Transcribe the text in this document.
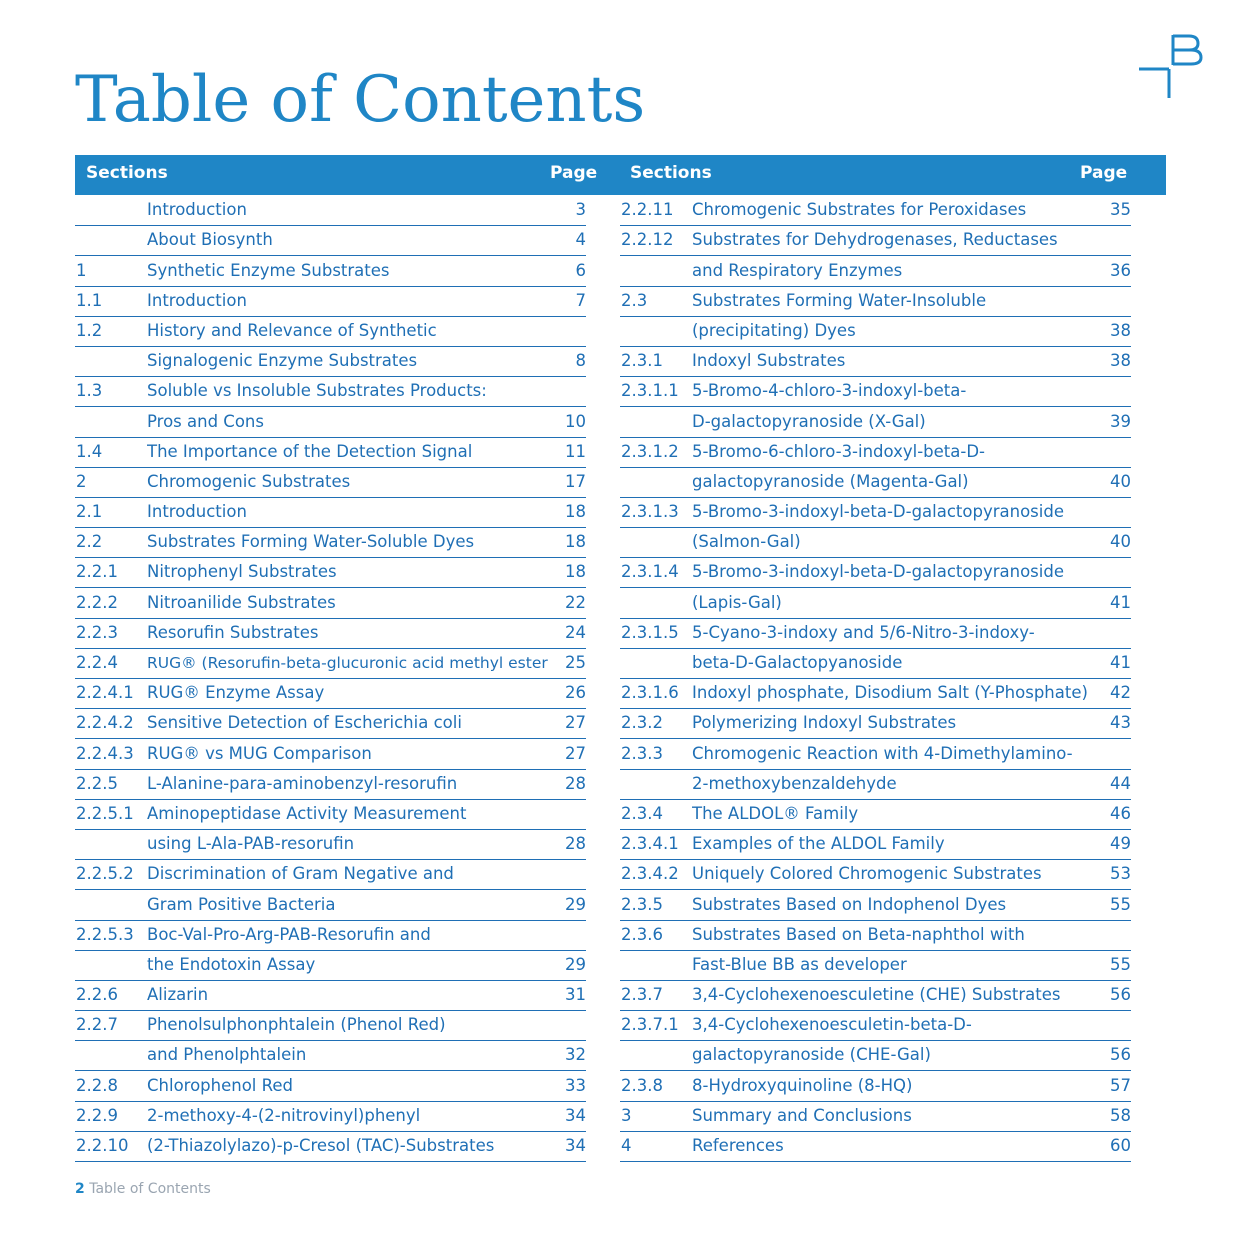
Table of Contents
Sections	Page Sections	Page
Introduction	3
About Biosynth	4
1	Synthetic Enzyme Substrates	6
1.1	Introduction	7
1.2	History and Relevance of Synthetic
Signalogenic Enzyme Substrates	8
1.3	Soluble vs Insoluble Substrates Products:
Pros and Cons	10
1.4	The Importance of the Detection Signal	11
2	Chromogenic Substrates	17
2.1	Introduction	18
2.2	Substrates Forming Water-Soluble Dyes	18
2.2.1 Nitrophenyl Substrates	18
2.2.2 Nitroanilide Substrates	22
2.2.3 Resorufin Substrates	24
2.2.4 RUG® (Resorufin-beta-glucuronic acid methyl ester 25
2.2.4.1 RUG® Enzyme Assay	26
2.2.4.2 Sensitive Detection of Escherichia coli	27
2.2.4.3 RUG® vs MUG Comparison	27
2.2.5 L-Alanine-para-aminobenzyl-resorufin	28
2.2.5.1 Aminopeptidase Activity Measurement
using L-Ala-PAB-resorufin	28
2.2.5.2 Discrimination of Gram Negative and
Gram Positive Bacteria	29
2.2.5.3 Boc-Val-Pro-Arg-PAB-Resorufin and
the Endotoxin Assay	29
2.2.6 Alizarin	31
2.2.7 Phenolsulphonphtalein (Phenol Red)
and Phenolphtalein	32
2.2.8 Chlorophenol Red	33
2.2.9 2-methoxy-4-(2-nitrovinyl)phenyl	34
2.2.10 (2-Thiazolylazo)-p-Cresol (TAC)-Substrates	34
2.2.11 Chromogenic Substrates for Peroxidases	35
2.2.12 Substrates for Dehydrogenases, Reductases
and Respiratory Enzymes	36
2.3	Substrates Forming Water-Insoluble
(precipitating) Dyes	38
2.3.1 Indoxyl Substrates	38
2.3.1.1 5-Bromo-4-chloro-3-indoxyl-beta-
D-galactopyranoside (X-Gal)	39
2.3.1.2 5-Bromo-6-chloro-3-indoxyl-beta-D-
galactopyranoside (Magenta-Gal)	40
2.3.1.3 5-Bromo-3-indoxyl-beta-D-galactopyranoside
(Salmon-Gal)	40
2.3.1.4 5-Bromo-3-indoxyl-beta-D-galactopyranoside
(Lapis-Gal)	41
2.3.1.5 5-Cyano-3-indoxy and 5/6-Nitro-3-indoxy-
beta-D-Galactopyanoside	41
2.3.1.6 Indoxyl phosphate, Disodium Salt (Y-Phosphate)	42
2.3.2 Polymerizing Indoxyl Substrates	43
2.3.3 Chromogenic Reaction with 4-Dimethylamino-
2-methoxybenzaldehyde	44
2.3.4 The ALDOL® Family	46
2.3.4.1 Examples of the ALDOL Family	49
2.3.4.2 Uniquely Colored Chromogenic Substrates	53
2.3.5 Substrates Based on Indophenol Dyes	55
2.3.6 Substrates Based on Beta-naphthol with
Fast-Blue BB as developer	55
2.3.7 3,4-Cyclohexenoesculetine (CHE) Substrates	56
2.3.7.1 3,4-Cyclohexenoesculetin-beta-D-
galactopyranoside (CHE-Gal)	56
2.3.8 8-Hydroxyquinoline (8-HQ)	57
3	Summary and Conclusions	58
4	References	60
2 Table of Contents
